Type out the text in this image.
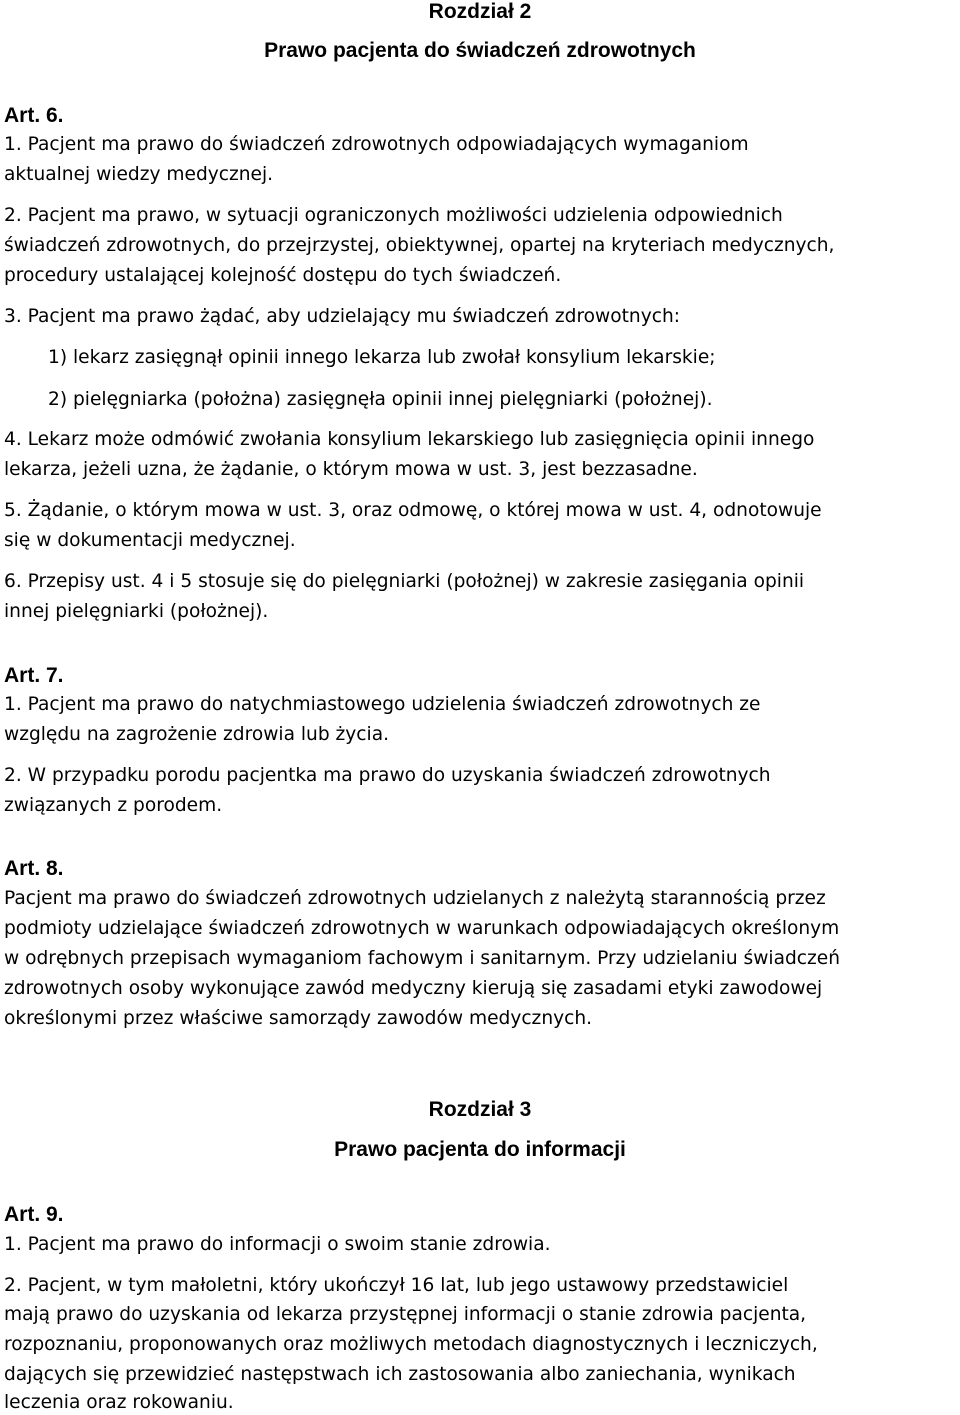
Rozdział 2
Prawo pacjenta do świadczeń zdrowotnych
Art. 6.
1. Pacjent ma prawo do świadczeń zdrowotnych odpowiadających wymaganiom
aktualnej wiedzy medycznej.
2. Pacjent ma prawo, w sytuacji ograniczonych możliwości udzielenia odpowiednich
świadczeń zdrowotnych, do przejrzystej, obiektywnej, opartej na kryteriach medycznych,
procedury ustalającej kolejność dostępu do tych świadczeń.
3. Pacjent ma prawo żądać, aby udzielający mu świadczeń zdrowotnych:
1) lekarz zasięgnął opinii innego lekarza lub zwołał konsylium lekarskie;
2) pielęgniarka (położna) zasięgnęła opinii innej pielęgniarki (położnej).
4. Lekarz może odmówić zwołania konsylium lekarskiego lub zasięgnięcia opinii innego
lekarza, jeżeli uzna, że żądanie, o którym mowa w ust. 3, jest bezzasadne.
5. Żądanie, o którym mowa w ust. 3, oraz odmowę, o której mowa w ust. 4, odnotowuje
się w dokumentacji medycznej.
6. Przepisy ust. 4 i 5 stosuje się do pielęgniarki (położnej) w zakresie zasięgania opinii
innej pielęgniarki (położnej).
Art. 7.
1. Pacjent ma prawo do natychmiastowego udzielenia świadczeń zdrowotnych ze
względu na zagrożenie zdrowia lub życia.
2. W przypadku porodu pacjentka ma prawo do uzyskania świadczeń zdrowotnych
związanych z porodem.
Art. 8.
Pacjent ma prawo do świadczeń zdrowotnych udzielanych z należytą starannością przez
podmioty udzielające świadczeń zdrowotnych w warunkach odpowiadających określonym
w odrębnych przepisach wymaganiom fachowym i sanitarnym. Przy udzielaniu świadczeń
zdrowotnych osoby wykonujące zawód medyczny kierują się zasadami etyki zawodowej
określonymi przez właściwe samorządy zawodów medycznych.
Rozdział 3
Prawo pacjenta do informacji
Art. 9.
1. Pacjent ma prawo do informacji o swoim stanie zdrowia.
2. Pacjent, w tym małoletni, który ukończył 16 lat, lub jego ustawowy przedstawiciel
mają prawo do uzyskania od lekarza przystępnej informacji o stanie zdrowia pacjenta,
rozpoznaniu, proponowanych oraz możliwych metodach diagnostycznych i leczniczych,
dających się przewidzieć następstwach ich zastosowania albo zaniechania, wynikach
leczenia oraz rokowaniu.
